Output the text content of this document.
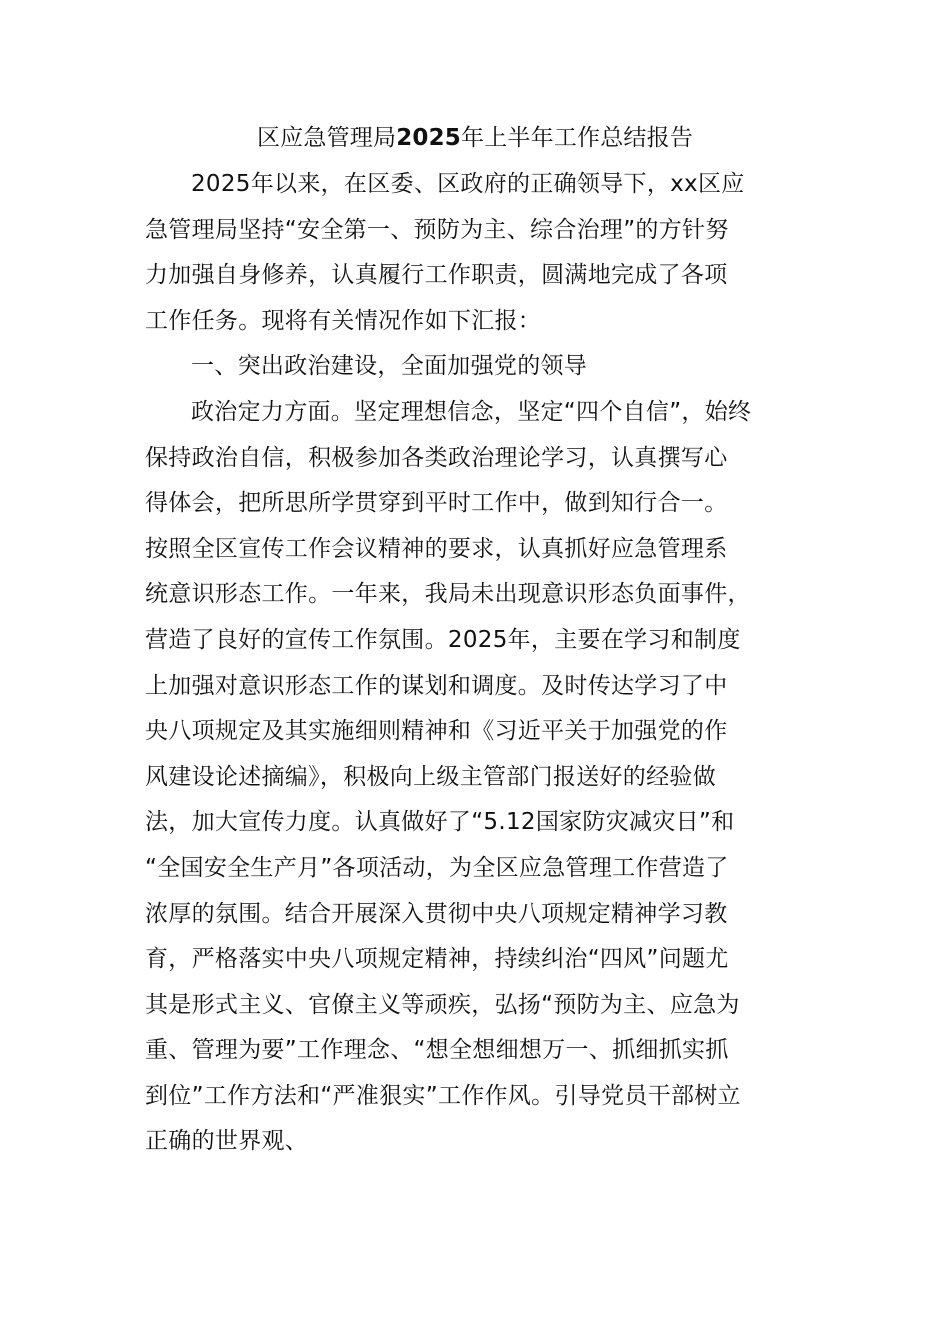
区应急管理局2025年上半年工作总结报告
2025年以来，在区委、区政府的正确领导下，xx区应
急管理局坚持“安全第一、预防为主、综合治理”的方针努
力加强自身修养，认真履行工作职责，圆满地完成了各项
工作任务。现将有关情况作如下汇报：
一、突出政治建设，全面加强党的领导
政治定力方面。坚定理想信念，坚定“四个自信”，始终
保持政治自信，积极参加各类政治理论学习，认真撰写心
得体会，把所思所学贯穿到平时工作中，做到知行合一。
按照全区宣传工作会议精神的要求，认真抓好应急管理系
统意识形态工作。一年来，我局未出现意识形态负面事件，
营造了良好的宣传工作氛围。2025年，主要在学习和制度
上加强对意识形态工作的谋划和调度。及时传达学习了中
央八项规定及其实施细则精神和《习近平关于加强党的作
风建设论述摘编》，积极向上级主管部门报送好的经验做
法，加大宣传力度。认真做好了“5.12国家防灾减灾日”和
“全国安全生产月”各项活动，为全区应急管理工作营造了
浓厚的氛围。结合开展深入贯彻中央八项规定精神学习教
育，严格落实中央八项规定精神，持续纠治“四风”问题尤
其是形式主义、官僚主义等顽疾，弘扬“预防为主、应急为
重、管理为要”工作理念、“想全想细想万一、抓细抓实抓
到位”工作方法和“严准狠实”工作作风。引导党员干部树立
正确的世界观、
